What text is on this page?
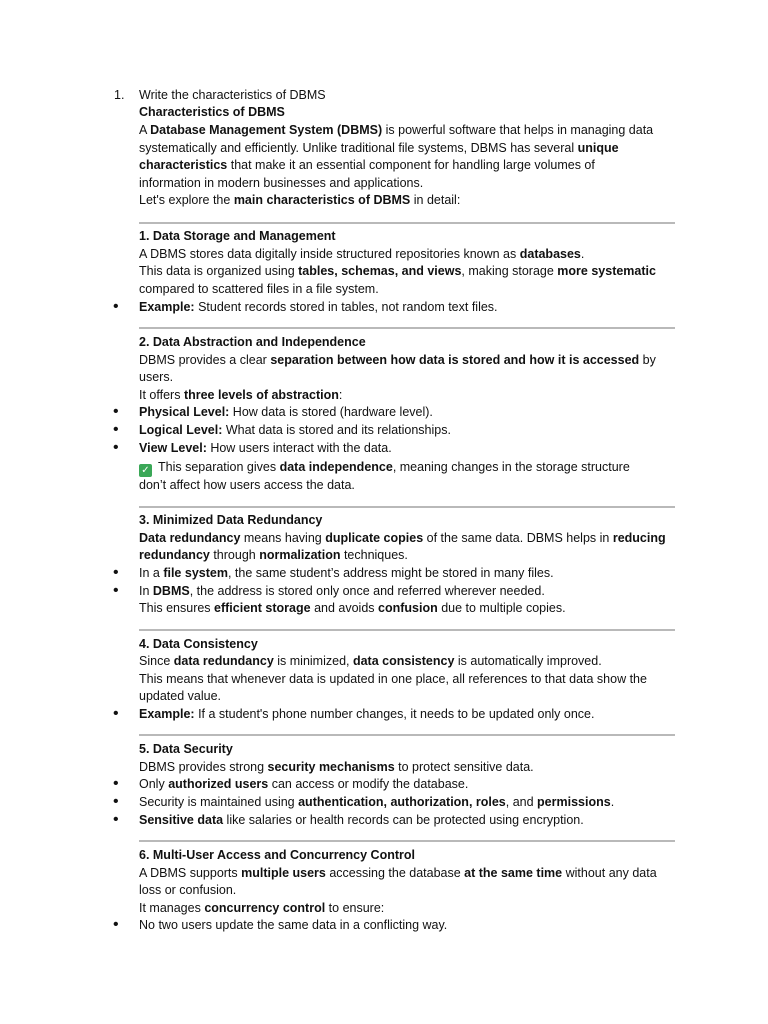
1. Write the characteristics of DBMS
Characteristics of DBMS
A Database Management System (DBMS) is powerful software that helps in managing data
systematically and efficiently. Unlike traditional file systems, DBMS has several unique
characteristics that make it an essential component for handling large volumes of
information in modern businesses and applications.
Let's explore the main characteristics of DBMS in detail:
1. Data Storage and Management
A DBMS stores data digitally inside structured repositories known as databases.
This data is organized using tables, schemas, and views, making storage more systematic
compared to scattered files in a file system.
• Example: Student records stored in tables, not random text files.
2. Data Abstraction and Independence
DBMS provides a clear separation between how data is stored and how it is accessed by
users.
It offers three levels of abstraction:
• Physical Level: How data is stored (hardware level).
• Logical Level: What data is stored and its relationships.
• View Level: How users interact with the data.
✓ This separation gives data independence, meaning changes in the storage structure
don’t affect how users access the data.
3. Minimized Data Redundancy
Data redundancy means having duplicate copies of the same data. DBMS helps in reducing
redundancy through normalization techniques.
• In a file system, the same student’s address might be stored in many files.
• In DBMS, the address is stored only once and referred wherever needed.
This ensures efficient storage and avoids confusion due to multiple copies.
4. Data Consistency
Since data redundancy is minimized, data consistency is automatically improved.
This means that whenever data is updated in one place, all references to that data show the
updated value.
• Example: If a student's phone number changes, it needs to be updated only once.
5. Data Security
DBMS provides strong security mechanisms to protect sensitive data.
• Only authorized users can access or modify the database.
• Security is maintained using authentication, authorization, roles, and permissions.
• Sensitive data like salaries or health records can be protected using encryption.
6. Multi-User Access and Concurrency Control
A DBMS supports multiple users accessing the database at the same time without any data
loss or confusion.
It manages concurrency control to ensure:
• No two users update the same data in a conflicting way.
